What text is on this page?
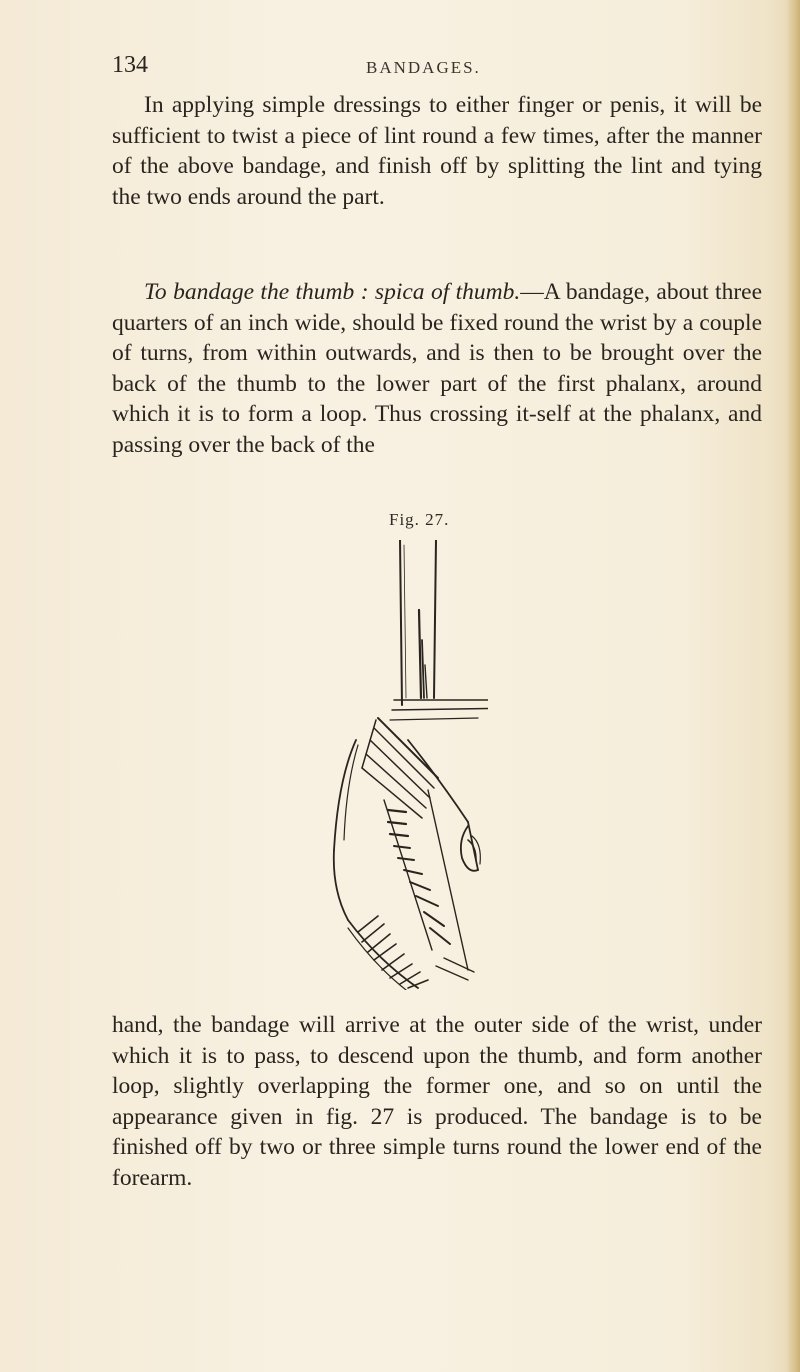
134	BANDAGES.
In applying simple dressings to either finger or penis, it will be sufficient to twist a piece of lint round a few times, after the manner of the above bandage, and finish off by splitting the lint and tying the two ends around the part.
To bandage the thumb : spica of thumb.—A bandage, about three quarters of an inch wide, should be fixed round the wrist by a couple of turns, from within outwards, and is then to be brought over the back of the thumb to the lower part of the first phalanx, around which it is to form a loop. Thus crossing it-self at the phalanx, and passing over the back of the
Fig. 27.
hand, the bandage will arrive at the outer side of the wrist, under which it is to pass, to descend upon the thumb, and form another loop, slightly overlapping the former one, and so on until the appearance given in fig. 27 is produced. The bandage is to be finished off by two or three simple turns round the lower end of the forearm.
